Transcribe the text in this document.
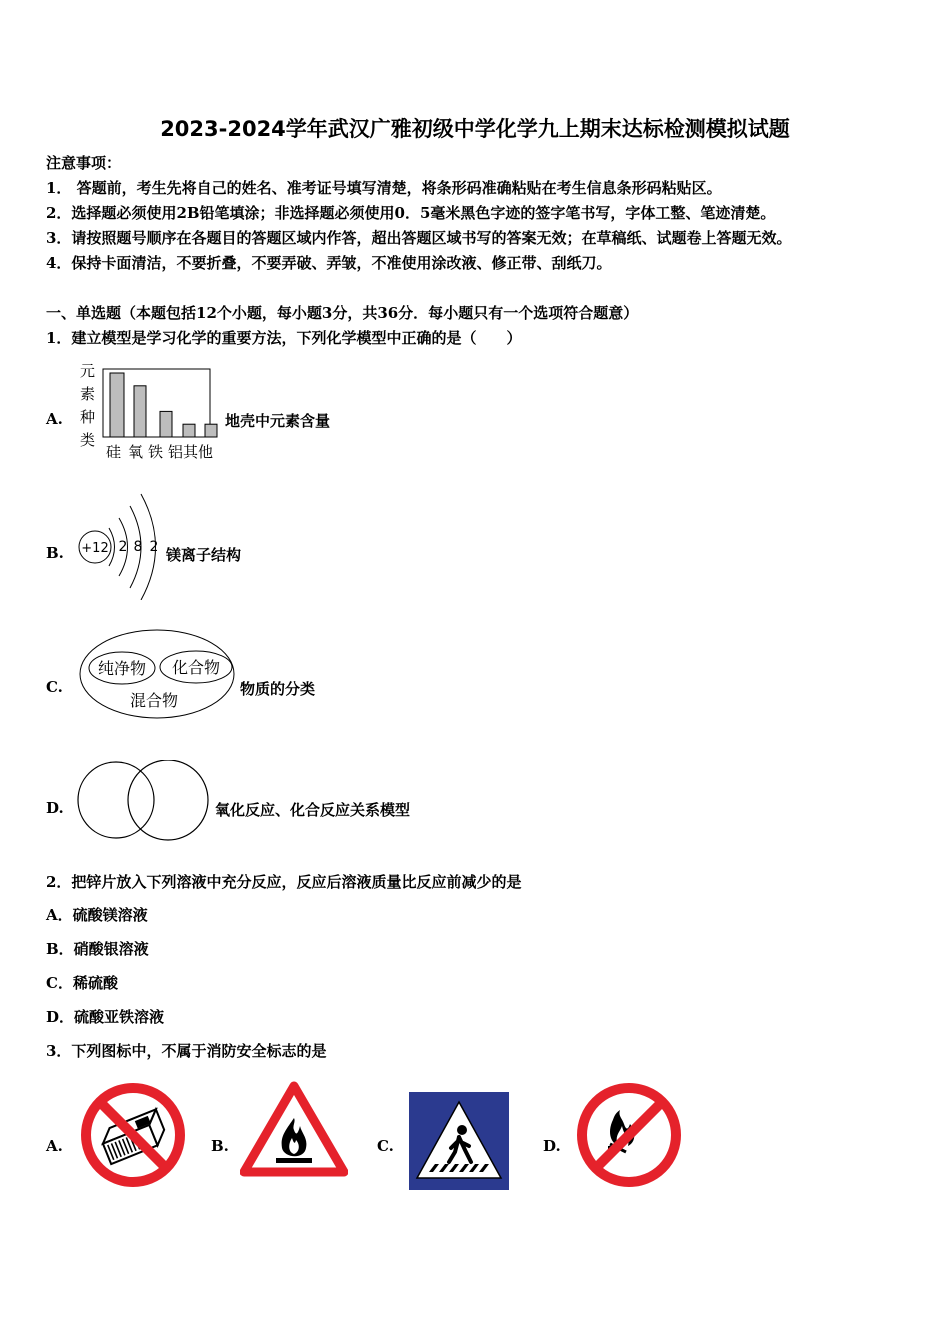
2023-2024学年武汉广雅初级中学化学九上期末达标检测模拟试题
注意事项：
1． 答题前，考生先将自己的姓名、准考证号填写清楚，将条形码准确粘贴在考生信息条形码粘贴区。
2．选择题必须使用2B铅笔填涂；非选择题必须使用0．5毫米黑色字迹的签字笔书写，字体工整、笔迹清楚。
3．请按照题号顺序在各题目的答题区域内作答，超出答题区域书写的答案无效；在草稿纸、试题卷上答题无效。
4．保持卡面清洁，不要折叠，不要弄破、弄皱，不准使用涂改液、修正带、刮纸刀。
一、单选题（本题包括12个小题，每小题3分，共36分．每小题只有一个选项符合题意）
1．建立模型是学习化学的重要方法，下列化学模型中正确的是（　　）
A.
元
素
种
类
硅 氧 铁 铝 其他
地壳中元素含量
B. +12 2 8 2 镁离子结构
C.
纯净物 化合物
混合物
物质的分类
D.	氧化反应、化合反应关系模型
2．把锌片放入下列溶液中充分反应，反应后溶液质量比反应前减少的是
A．硫酸镁溶液
B．硝酸银溶液
C．稀硫酸
D．硫酸亚铁溶液
3．下列图标中，不属于消防安全标志的是
A.	B.	C.	D.
